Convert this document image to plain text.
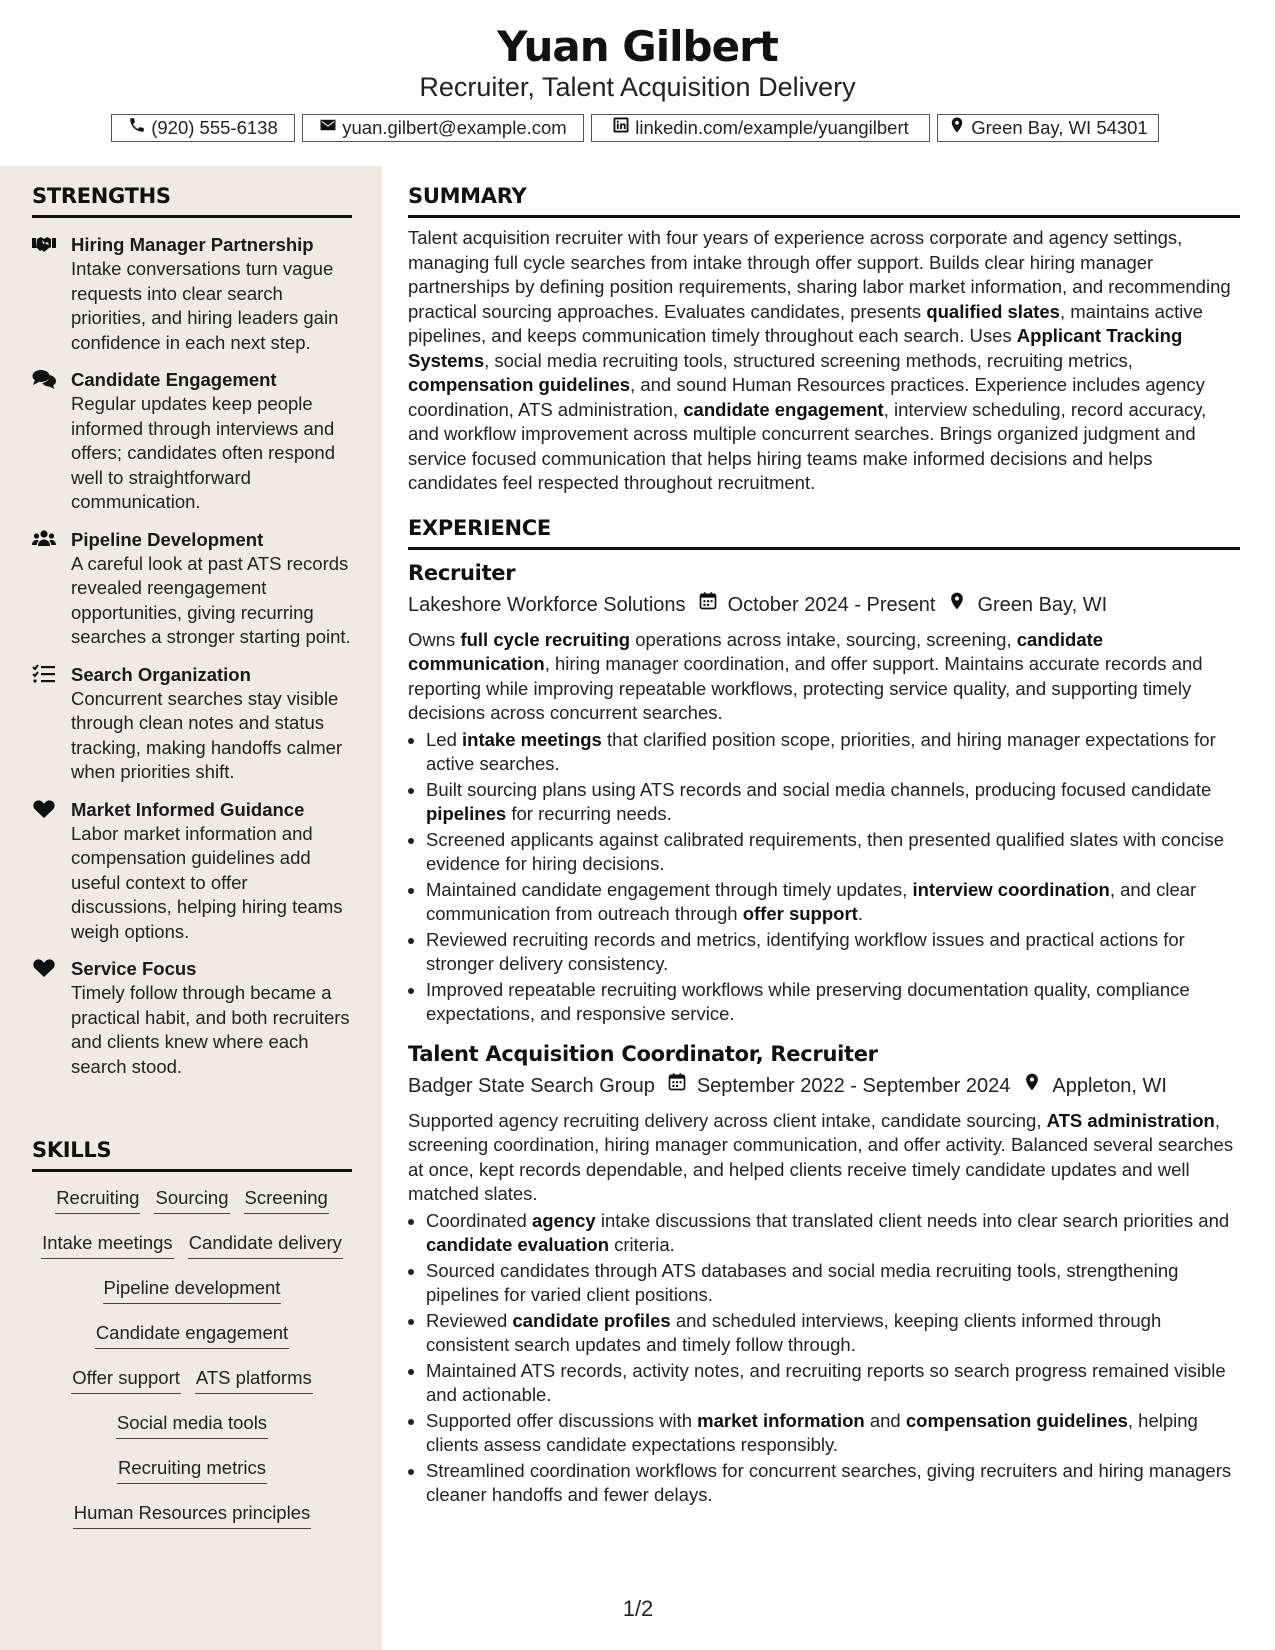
Yuan Gilbert
Recruiter, Talent Acquisition Delivery
(920) 555-6138	yuan.gilbert@example.com	linkedin.com/example/yuangilbert	Green Bay, WI 54301
STRENGTHS
Hiring Manager Partnership
Intake conversations turn vague requests into clear search priorities, and hiring leaders gain confidence in each next step.
Candidate Engagement
Regular updates keep people informed through interviews and offers; candidates often respond well to straightforward communication.
Pipeline Development
A careful look at past ATS records revealed reengagement opportunities, giving recurring searches a stronger starting point.
Search Organization
Concurrent searches stay visible through clean notes and status tracking, making handoffs calmer when priorities shift.
Market Informed Guidance
Labor market information and compensation guidelines add useful context to offer discussions, helping hiring teams weigh options.
Service Focus
Timely follow through became a practical habit, and both recruiters and clients knew where each search stood.
SKILLS
Recruiting Sourcing Screening
Intake meetings Candidate delivery
Pipeline development
Candidate engagement
Offer support ATS platforms
Social media tools
Recruiting metrics
Human Resources principles
SUMMARY
Talent acquisition recruiter with four years of experience across corporate and agency settings, managing full cycle searches from intake through offer support. Builds clear hiring manager partnerships by defining position requirements, sharing labor market information, and recommending practical sourcing approaches. Evaluates candidates, presents qualified slates, maintains active pipelines, and keeps communication timely throughout each search. Uses Applicant Tracking Systems, social media recruiting tools, structured screening methods, recruiting metrics, compensation guidelines, and sound Human Resources practices. Experience includes agency coordination, ATS administration, candidate engagement, interview scheduling, record accuracy, and workflow improvement across multiple concurrent searches. Brings organized judgment and service focused communication that helps hiring teams make informed decisions and helps candidates feel respected throughout recruitment.
EXPERIENCE
Recruiter
Lakeshore Workforce Solutions October 2024 - Present Green Bay, WI
Owns full cycle recruiting operations across intake, sourcing, screening, candidate communication, hiring manager coordination, and offer support. Maintains accurate records and reporting while improving repeatable workflows, protecting service quality, and supporting timely decisions across concurrent searches.
• Led intake meetings that clarified position scope, priorities, and hiring manager expectations for active searches.
• Built sourcing plans using ATS records and social media channels, producing focused candidate pipelines for recurring needs.
• Screened applicants against calibrated requirements, then presented qualified slates with concise evidence for hiring decisions.
• Maintained candidate engagement through timely updates, interview coordination, and clear communication from outreach through offer support.
• Reviewed recruiting records and metrics, identifying workflow issues and practical actions for stronger delivery consistency.
• Improved repeatable recruiting workflows while preserving documentation quality, compliance expectations, and responsive service.
Talent Acquisition Coordinator, Recruiter
Badger State Search Group September 2022 - September 2024 Appleton, WI
Supported agency recruiting delivery across client intake, candidate sourcing, ATS administration, screening coordination, hiring manager communication, and offer activity. Balanced several searches at once, kept records dependable, and helped clients receive timely candidate updates and well matched slates.
• Coordinated agency intake discussions that translated client needs into clear search priorities and candidate evaluation criteria.
• Sourced candidates through ATS databases and social media recruiting tools, strengthening pipelines for varied client positions.
• Reviewed candidate profiles and scheduled interviews, keeping clients informed through consistent search updates and timely follow through.
• Maintained ATS records, activity notes, and recruiting reports so search progress remained visible and actionable.
• Supported offer discussions with market information and compensation guidelines, helping clients assess candidate expectations responsibly.
• Streamlined coordination workflows for concurrent searches, giving recruiters and hiring managers cleaner handoffs and fewer delays.
1/2
